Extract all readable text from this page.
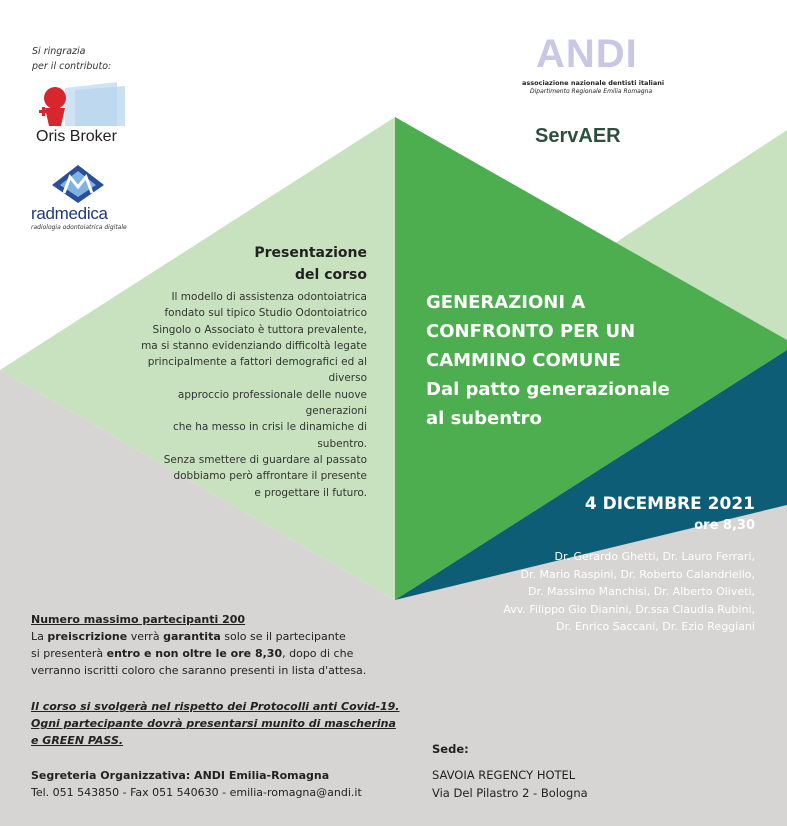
Si ringrazia
per il contributo:
Oris Broker
radmedica
radiologia odontoiatrica digitale
ANDI
associazione nazionale dentisti italiani
Dipartimento Regionale Emilia Romagna
ServAER
Presentazione
del corso
Il modello di assistenza odontoiatrica
fondato sul tipico Studio Odontoiatrico
Singolo o Associato è tuttora prevalente,
ma si stanno evidenziando difficoltà legate
principalmente a fattori demografici ed al diverso
approccio professionale delle nuove generazioni
che ha messo in crisi le dinamiche di subentro.
Senza smettere di guardare al passato
dobbiamo però affrontare il presente
e progettare il futuro.
GENERAZIONI A
CONFRONTO PER UN
CAMMINO COMUNE
Dal patto generazionale
al subentro
4 DICEMBRE 2021
ore 8,30
Dr. Gerardo Ghetti, Dr. Lauro Ferrari,
Dr. Mario Raspini, Dr. Roberto Calandriello,
Dr. Massimo Manchisi, Dr. Alberto Oliveti,
Avv. Filippo Gio Dianini, Dr.ssa Claudia Rubini,
Dr. Enrico Saccani, Dr. Ezio Reggiani
Numero massimo partecipanti 200
La preiscrizione verrà garantita solo se il partecipante
si presenterà entro e non oltre le ore 8,30, dopo di che
verranno iscritti coloro che saranno presenti in lista d'attesa.
Il corso si svolgerà nel rispetto dei Protocolli anti Covid-19.
Ogni partecipante dovrà presentarsi munito di mascherina
e GREEN PASS.
Segreteria Organizzativa: ANDI Emilia-Romagna
Tel. 051 543850 - Fax 051 540630 - emilia-romagna@andi.it
Sede:
SAVOIA REGENCY HOTEL
Via Del Pilastro 2 - Bologna
